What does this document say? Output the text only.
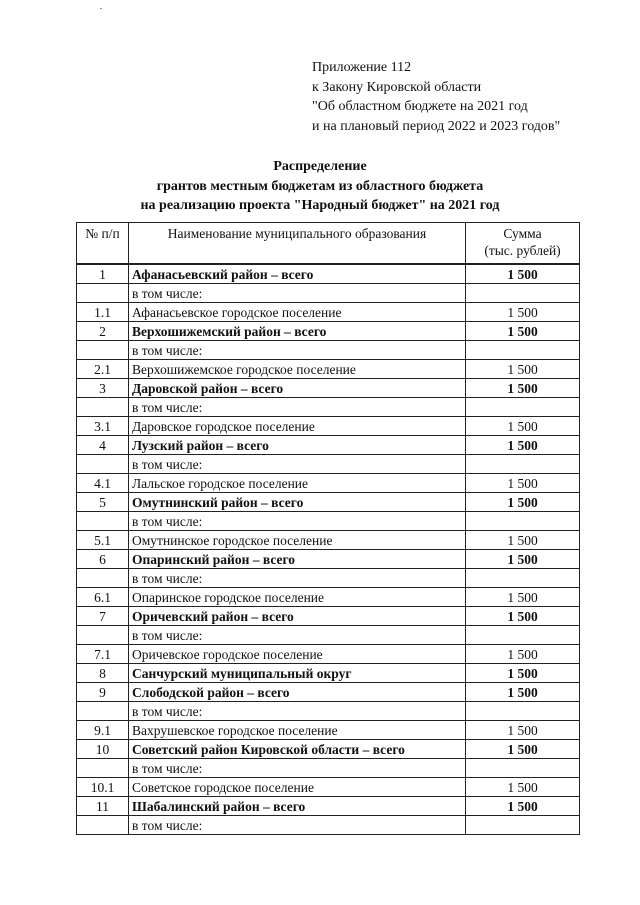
Приложение 112
к Закону Кировской области
"Об областном бюджете на 2021 год
и на плановый период 2022 и 2023 годов"
Распределение
грантов местным бюджетам из областного бюджета
на реализацию проекта "Народный бюджет" на 2021 год
№ п/п	Наименование муниципального образования	Сумма
(тыс. рублей)
1	Афанасьевский район – всего	1 500
	в том числе:	
1.1	Афанасьевское городское поселение	1 500
2	Верхошижемский район – всего	1 500
	в том числе:	
2.1	Верхошижемское городское поселение	1 500
3	Даровской район – всего	1 500
	в том числе:	
3.1	Даровское городское поселение	1 500
4	Лузский район – всего	1 500
	в том числе:	
4.1	Лальское городское поселение	1 500
5	Омутнинский район – всего	1 500
	в том числе:	
5.1	Омутнинское городское поселение	1 500
6	Опаринский район – всего	1 500
	в том числе:	
6.1	Опаринское городское поселение	1 500
7	Оричевский район – всего	1 500
	в том числе:	
7.1	Оричевское городское поселение	1 500
8	Санчурский муниципальный округ	1 500
9	Слободской район – всего	1 500
	в том числе:	
9.1	Вахрушевское городское поселение	1 500
10	Советский район Кировской области – всего	1 500
	в том числе:	
10.1	Советское городское поселение	1 500
11	Шабалинский район – всего	1 500
	в том числе:	
